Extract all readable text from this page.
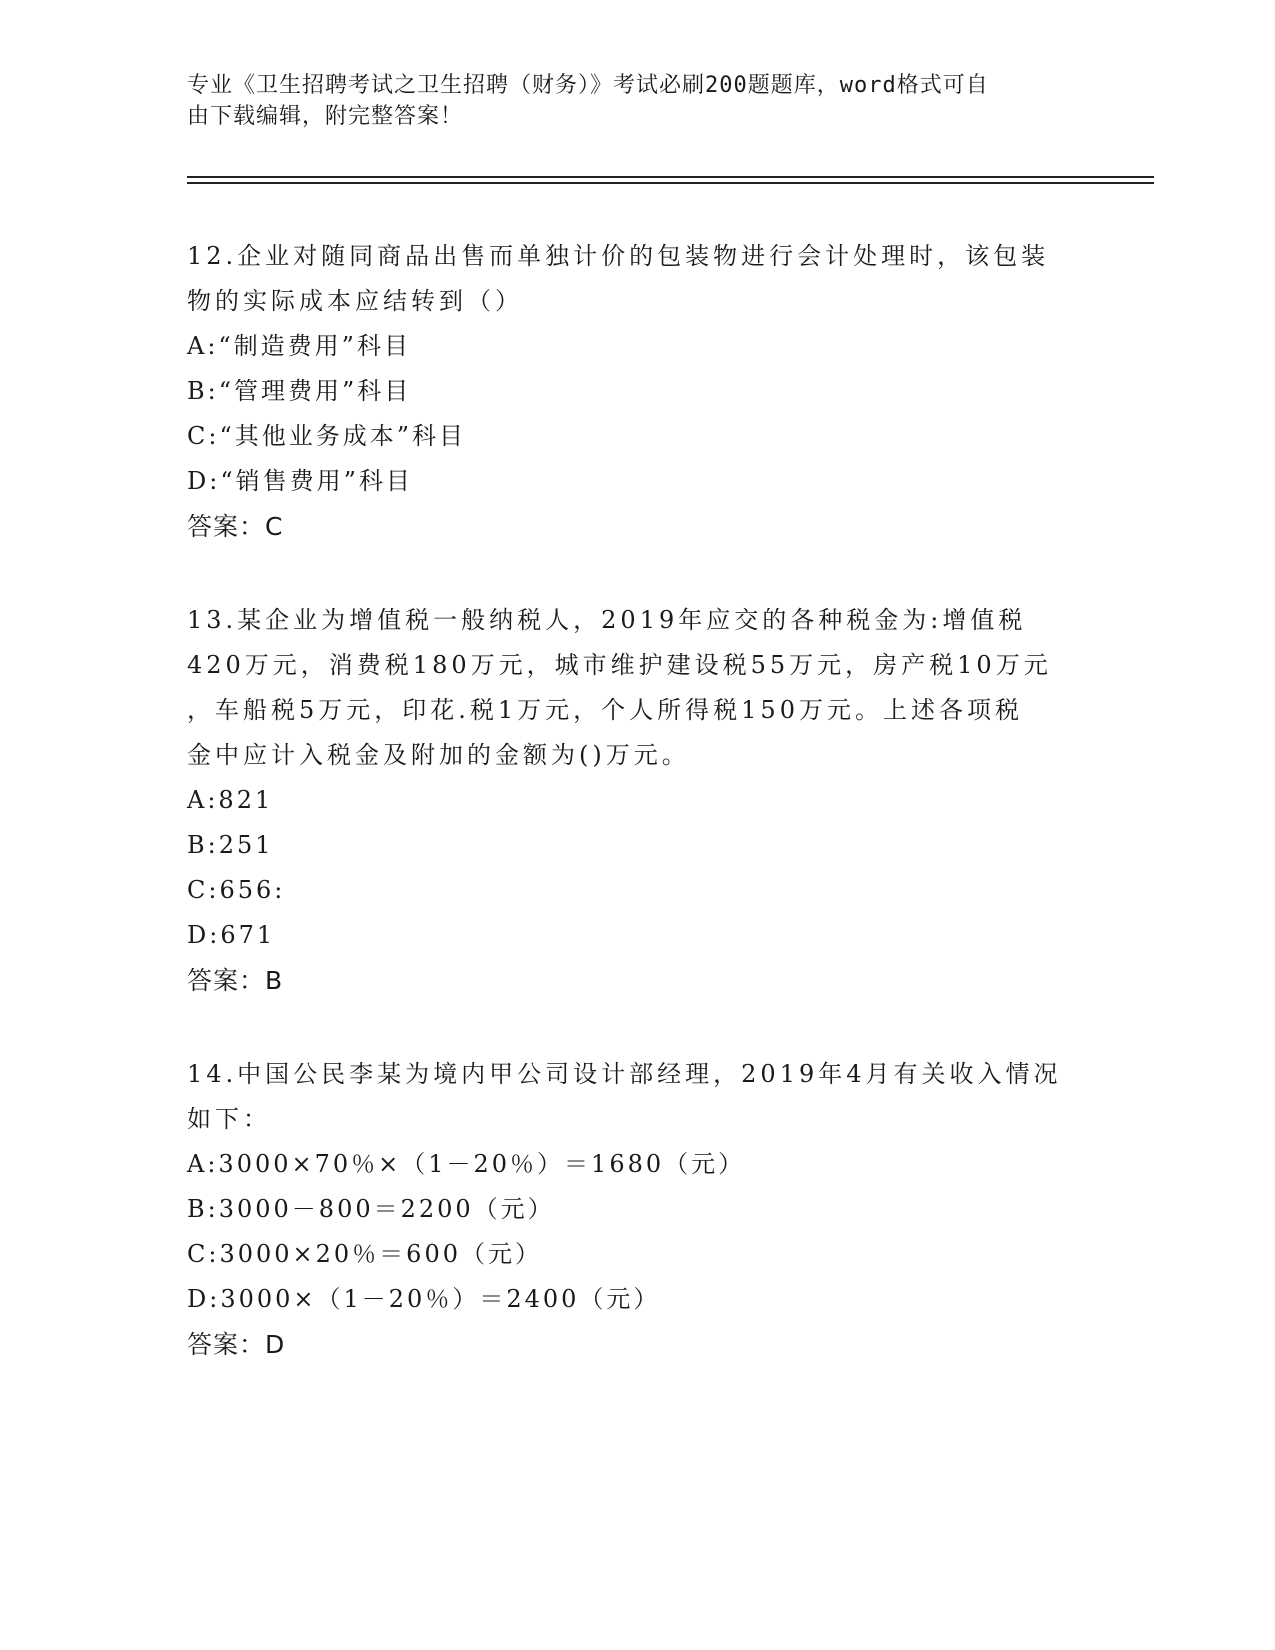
专业《卫生招聘考试之卫生招聘（财务）》考试必刷200题题库，word格式可自
由下载编辑，附完整答案！

12.企业对随同商品出售而单独计价的包装物进行会计处理时，该包装

物的实际成本应结转到（）

A:“制造费用”科目

B:“管理费用”科目

C:“其他业务成本”科目

D:“销售费用”科目

答案：C

13.某企业为增值税一般纳税人，2019年应交的各种税金为:增值税

420万元，消费税180万元，城市维护建设税55万元，房产税10万元

，车船税5万元，印花.税1万元，个人所得税150万元。上述各项税

金中应计入税金及附加的金额为()万元。

A:821

B:251

C:656:

D:671

答案：B

14.中国公民李某为境内甲公司设计部经理，2019年4月有关收入情况

如下：

A:3000×70％×（1－20％）＝1680（元）

B:3000－800＝2200（元）

C:3000×20％＝600（元）

D:3000×（1－20％）＝2400（元）

答案：D
